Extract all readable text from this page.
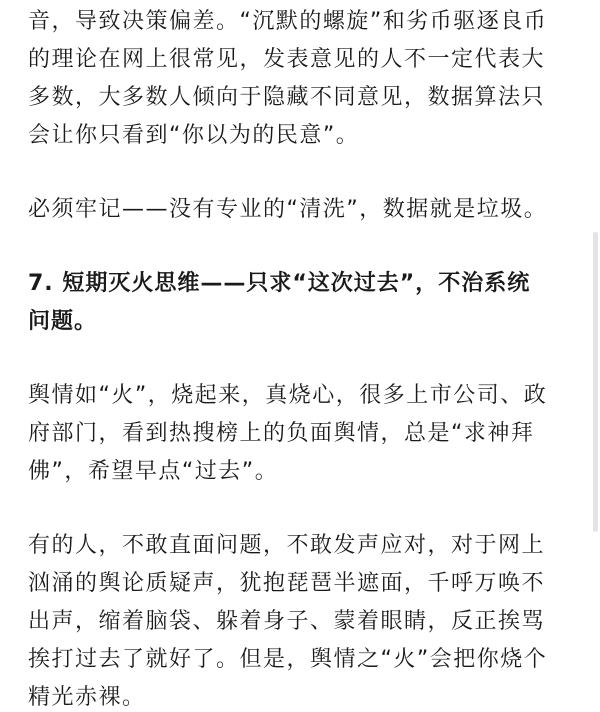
音，导致决策偏差。“沉默的螺旋”和劣币驱逐良币
的理论在网上很常见，发表意见的人不一定代表大
多数，大多数人倾向于隐藏不同意见，数据算法只
会让你只看到“你以为的民意”。
必须牢记——没有专业的“清洗”，数据就是垃圾。
7. 短期灭火思维——只求“这次过去”，不治系统
问题。
舆情如“火”，烧起来，真烧心，很多上市公司、政
府部门，看到热搜榜上的负面舆情，总是“求神拜
佛”，希望早点“过去”。
有的人，不敢直面问题，不敢发声应对，对于网上
汹涌的舆论质疑声，犹抱琵琶半遮面，千呼万唤不
出声，缩着脑袋、躲着身子、蒙着眼睛，反正挨骂
挨打过去了就好了。但是，舆情之“火”会把你烧个
精光赤裸。
